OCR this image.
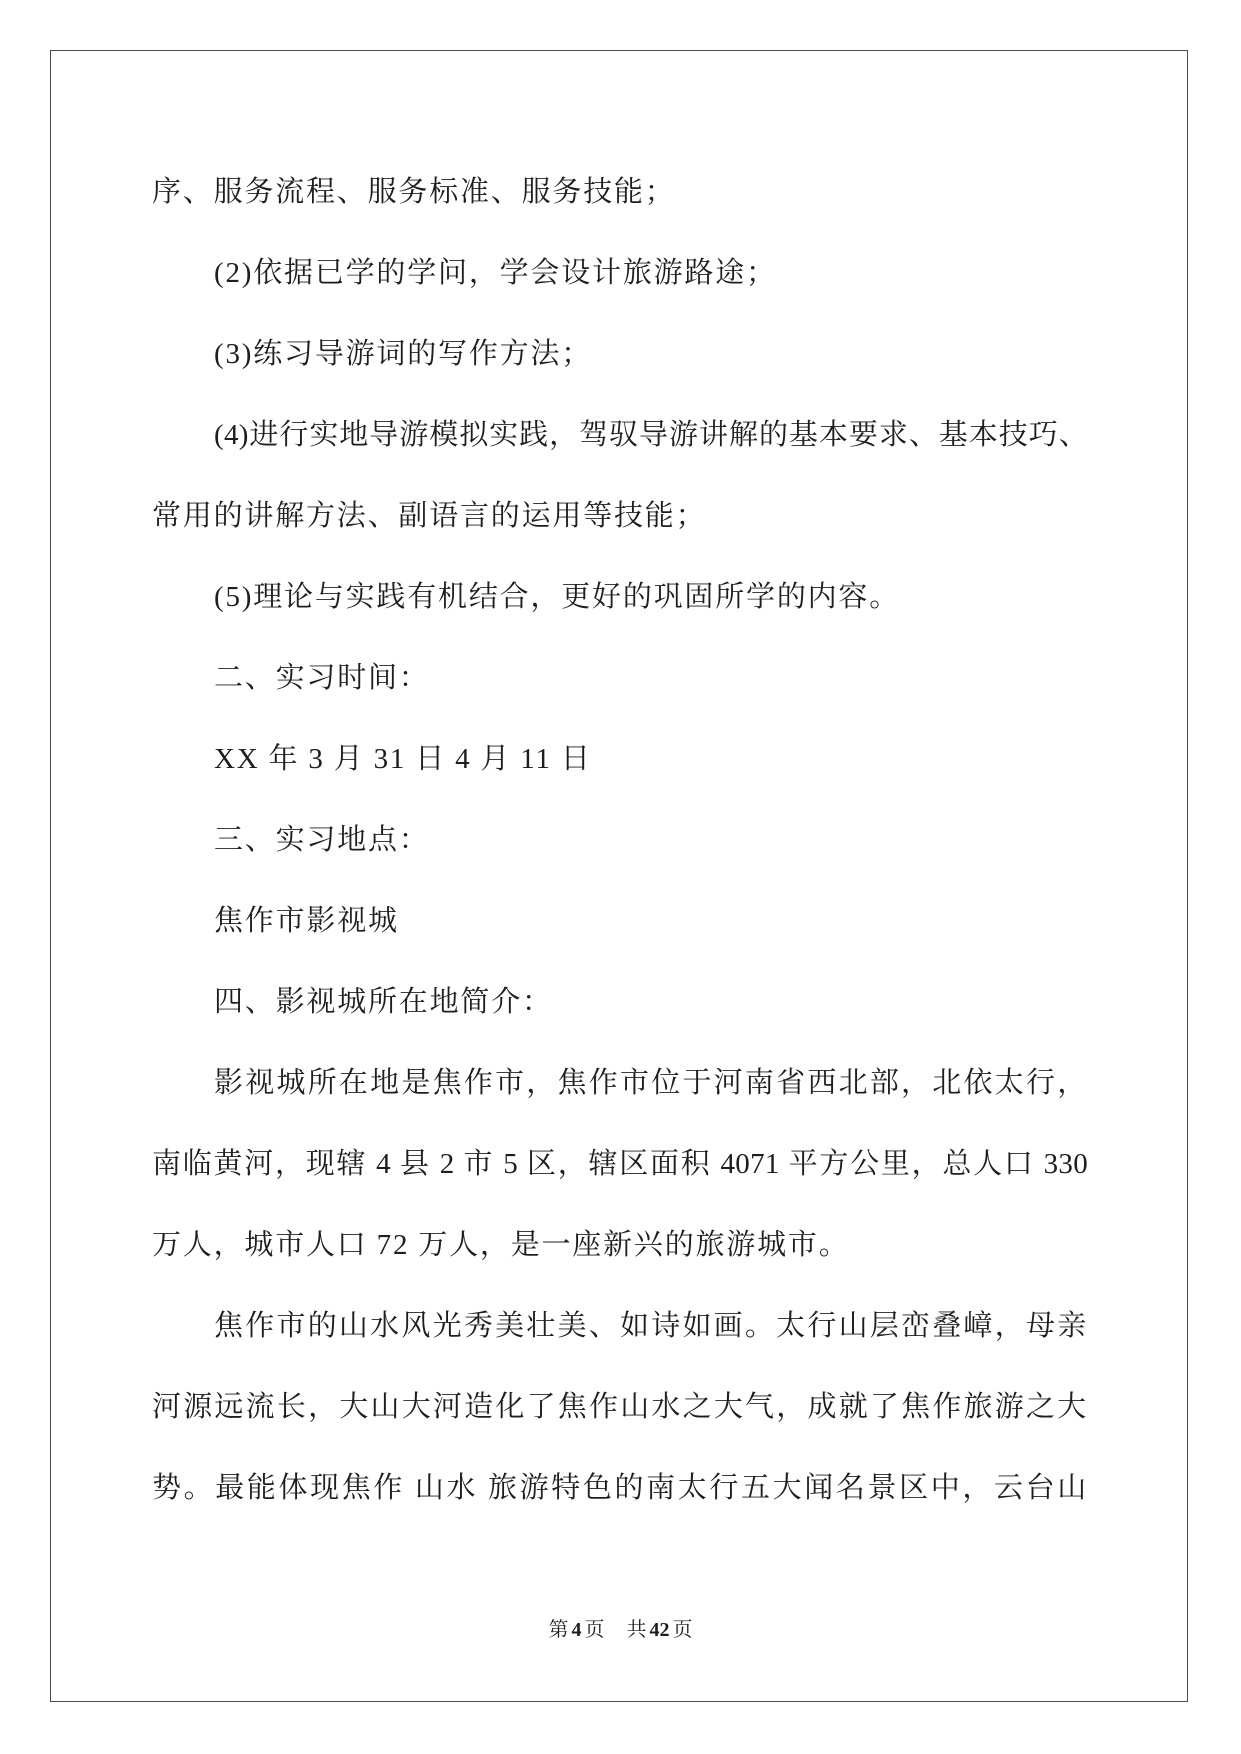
序、服务流程、服务标准、服务技能；
(2)依据已学的学问，学会设计旅游路途；
(3)练习导游词的写作方法；
(4)进行实地导游模拟实践，驾驭导游讲解的基本要求、基本技巧、
常用的讲解方法、副语言的运用等技能；
(5)理论与实践有机结合，更好的巩固所学的内容。
二、实习时间：
XX 年 3 月 31 日 4 月 11 日
三、实习地点：
焦作市影视城
四、影视城所在地简介：
影视城所在地是焦作市，焦作市位于河南省西北部，北依太行，
南临黄河，现辖 4 县 2 市 5 区，辖区面积 4071 平方公里，总人口 330
万人，城市人口 72 万人，是一座新兴的旅游城市。
焦作市的山水风光秀美壮美、如诗如画。太行山层峦叠嶂，母亲
河源远流长，大山大河造化了焦作山水之大气，成就了焦作旅游之大
势。最能体现焦作 山水 旅游特色的南太行五大闻名景区中，云台山
第 4 页 共 42 页
